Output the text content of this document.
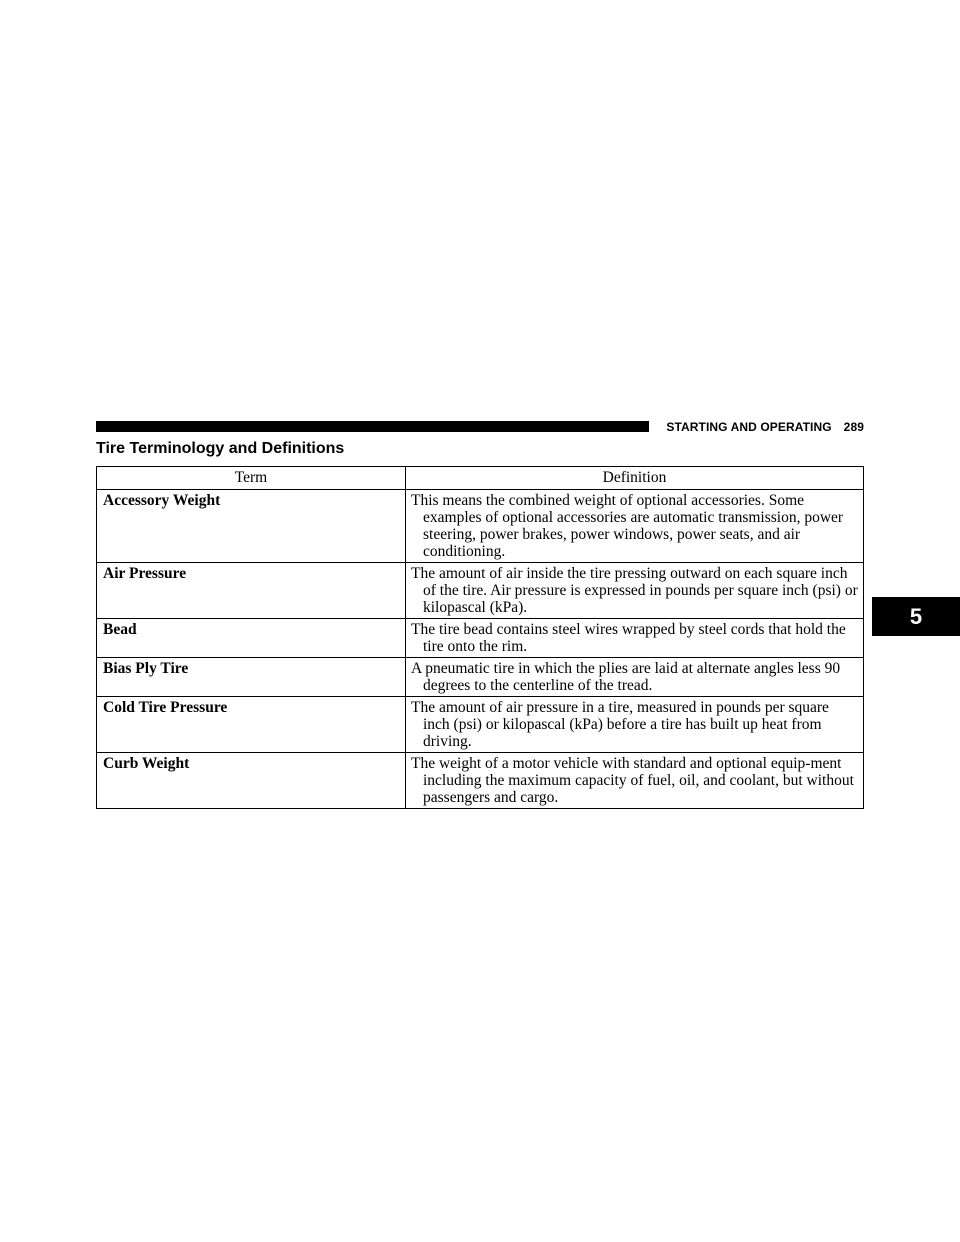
STARTING AND OPERATING 289
Tire Terminology and Definitions
Term	Definition
Accessory Weight	This means the combined weight of optional accessories. Some examples of optional accessories are automatic transmission, power steering, power brakes, power windows, power seats, and air conditioning.

Air Pressure	The amount of air inside the tire pressing outward on each square inch of the tire. Air pressure is expressed in pounds per square inch (psi) or kilopascal (kPa).

Bead	The tire bead contains steel wires wrapped by steel cords that hold the tire onto the rim.

Bias Ply Tire	A pneumatic tire in which the plies are laid at alternate angles less 90 degrees to the centerline of the tread.

Cold Tire Pressure	The amount of air pressure in a tire, measured in pounds per square inch (psi) or kilopascal (kPa) before a tire has built up heat from driving.

Curb Weight	The weight of a motor vehicle with standard and optional equip-ment including the maximum capacity of fuel, oil, and coolant, but without passengers and cargo.
5
